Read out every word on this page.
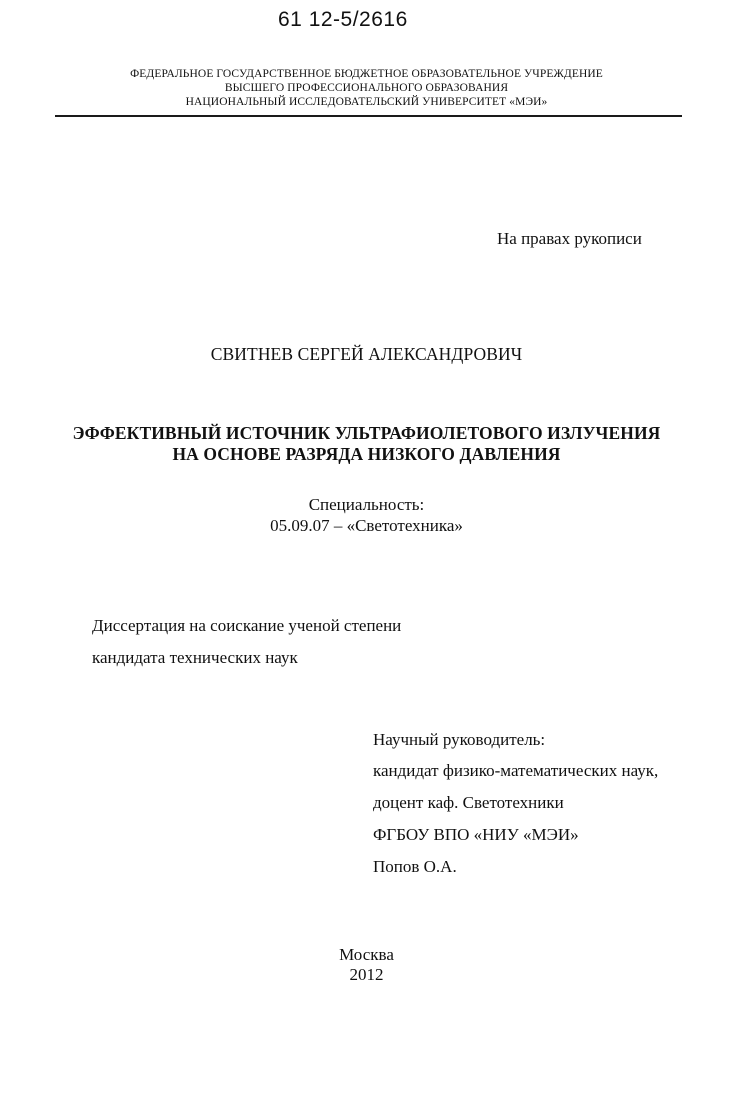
61 12-5/2616
ФЕДЕРАЛЬНОЕ ГОСУДАРСТВЕННОЕ БЮДЖЕТНОЕ ОБРАЗОВАТЕЛЬНОЕ УЧРЕЖДЕНИЕ
ВЫСШЕГО ПРОФЕССИОНАЛЬНОГО ОБРАЗОВАНИЯ
НАЦИОНАЛЬНЫЙ ИССЛЕДОВАТЕЛЬСКИЙ УНИВЕРСИТЕТ «МЭИ»
На правах рукописи
СВИТНЕВ СЕРГЕЙ АЛЕКСАНДРОВИЧ
ЭФФЕКТИВНЫЙ ИСТОЧНИК УЛЬТРАФИОЛЕТОВОГО ИЗЛУЧЕНИЯ
НА ОСНОВЕ РАЗРЯДА НИЗКОГО ДАВЛЕНИЯ
Специальность:
05.09.07 – «Светотехника»
Диссертация на соискание ученой степени
кандидата технических наук
Научный руководитель:
кандидат физико-математических наук,
доцент каф. Светотехники
ФГБОУ ВПО «НИУ «МЭИ»
Попов О.А.
Москва
2012
